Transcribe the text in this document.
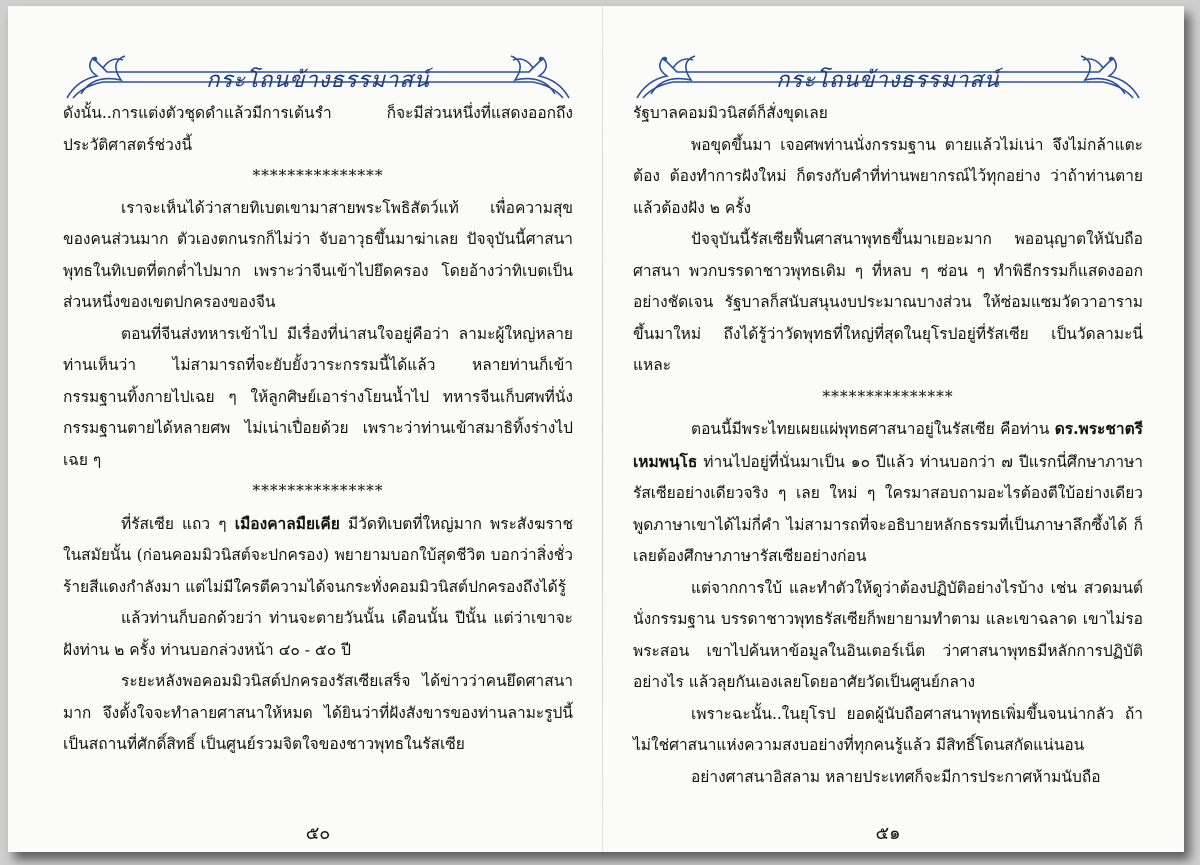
กระโถนข้างธรรมาสน์

ดังนั้น..การแต่งตัวชุดดำแล้วมีการเต้นรำ ก็จะมีส่วนหนึ่งที่แสดงออกถึงประวัติศาสตร์ช่วงนี้

***************

เราจะเห็นได้ว่าสายทิเบตเขามาสายพระโพธิสัตว์แท้ เพื่อความสุขของคนส่วนมาก ตัวเองตกนรกก็ไม่ว่า จับอาวุธขึ้นมาฆ่าเลย ปัจจุบันนี้ศาสนาพุทธในทิเบตที่ตกต่ำไปมาก เพราะว่าจีนเข้าไปยึดครอง โดยอ้างว่าทิเบตเป็นส่วนหนึ่งของเขตปกครองของจีน

ตอนที่จีนส่งทหารเข้าไป มีเรื่องที่น่าสนใจอยู่คือว่า ลามะผู้ใหญ่หลายท่านเห็นว่า ไม่สามารถที่จะยับยั้งวาระกรรมนี้ได้แล้ว หลายท่านก็เข้ากรรมฐานทิ้งกายไปเฉย ๆ ให้ลูกศิษย์เอาร่างโยนน้ำไป ทหารจีนเก็บศพที่นั่งกรรมฐานตายได้หลายศพ ไม่เน่าเปื่อยด้วย เพราะว่าท่านเข้าสมาธิทิ้งร่างไปเฉย ๆ

***************

ที่รัสเซีย แถว ๆ เมืองคาลมืยเคีย มีวัดทิเบตที่ใหญ่มาก พระสังฆราชในสมัยนั้น (ก่อนคอมมิวนิสต์จะปกครอง) พยายามบอกใบ้สุดชีวิต บอกว่าสิ่งชั่วร้ายสีแดงกำลังมา แต่ไม่มีใครตีความได้จนกระทั่งคอมมิวนิสต์ปกครองถึงได้รู้

แล้วท่านก็บอกด้วยว่า ท่านจะตายวันนั้น เดือนนั้น ปีนั้น แต่ว่าเขาจะฝังท่าน ๒ ครั้ง ท่านบอกล่วงหน้า ๔๐ - ๕๐ ปี

ระยะหลังพอคอมมิวนิสต์ปกครองรัสเซียเสร็จ ได้ข่าวว่าคนยึดศาสนามาก จึงตั้งใจจะทำลายศาสนาให้หมด ได้ยินว่าที่ฝังสังขารของท่านลามะรูปนี้เป็นสถานที่ศักดิ์สิทธิ์ เป็นศูนย์รวมจิตใจของชาวพุทธในรัสเซีย

๕๐
กระโถนข้างธรรมาสน์

รัฐบาลคอมมิวนิสต์ก็สั่งขุดเลย

พอขุดขึ้นมา เจอศพท่านนั่งกรรมฐาน ตายแล้วไม่เน่า จึงไม่กล้าแตะต้อง ต้องทำการฝังใหม่ ก็ตรงกับคำที่ท่านพยากรณ์ไว้ทุกอย่าง ว่าถ้าท่านตายแล้วต้องฝัง ๒ ครั้ง

ปัจจุบันนี้รัสเซียฟื้นศาสนาพุทธขึ้นมาเยอะมาก พออนุญาตให้นับถือศาสนา พวกบรรดาชาวพุทธเดิม ๆ ที่หลบ ๆ ซ่อน ๆ ทำพิธีกรรมก็แสดงออกอย่างชัดเจน รัฐบาลก็สนับสนุนงบประมาณบางส่วน ให้ซ่อมแซมวัดวาอารามขึ้นมาใหม่ ถึงได้รู้ว่าวัดพุทธที่ใหญ่ที่สุดในยุโรปอยู่ที่รัสเซีย เป็นวัดลามะนี่แหละ

***************

ตอนนี้มีพระไทยเผยแผ่พุทธศาสนาอยู่ในรัสเซีย คือท่าน ดร.พระชาตรี เหมพนฺโธ ท่านไปอยู่ที่นั่นมาเป็น ๑๐ ปีแล้ว ท่านบอกว่า ๗ ปีแรกนี่ศึกษาภาษารัสเซียอย่างเดียวจริง ๆ เลย ใหม่ ๆ ใครมาสอบถามอะไรต้องตีใบ้อย่างเดียว พูดภาษาเขาได้ไม่กี่คำ ไม่สามารถที่จะอธิบายหลักธรรมที่เป็นภาษาลึกซึ้งได้ ก็เลยต้องศึกษาภาษารัสเซียอย่างก่อน

แต่จากการใบ้ และทำตัวให้ดูว่าต้องปฏิบัติอย่างไรบ้าง เช่น สวดมนต์ นั่งกรรมฐาน บรรดาชาวพุทธรัสเซียก็พยายามทำตาม และเขาฉลาด เขาไม่รอพระสอน เขาไปค้นหาข้อมูลในอินเตอร์เน็ต ว่าศาสนาพุทธมีหลักการปฏิบัติอย่างไร แล้วลุยกันเองเลยโดยอาศัยวัดเป็นศูนย์กลาง

เพราะฉะนั้น..ในยุโรป ยอดผู้นับถือศาสนาพุทธเพิ่มขึ้นจนน่ากลัว ถ้าไม่ใช่ศาสนาแห่งความสงบอย่างที่ทุกคนรู้แล้ว มีสิทธิ์โดนสกัดแน่นอน

อย่างศาสนาอิสลาม หลายประเทศก็จะมีการประกาศห้ามนับถือ

๕๑
